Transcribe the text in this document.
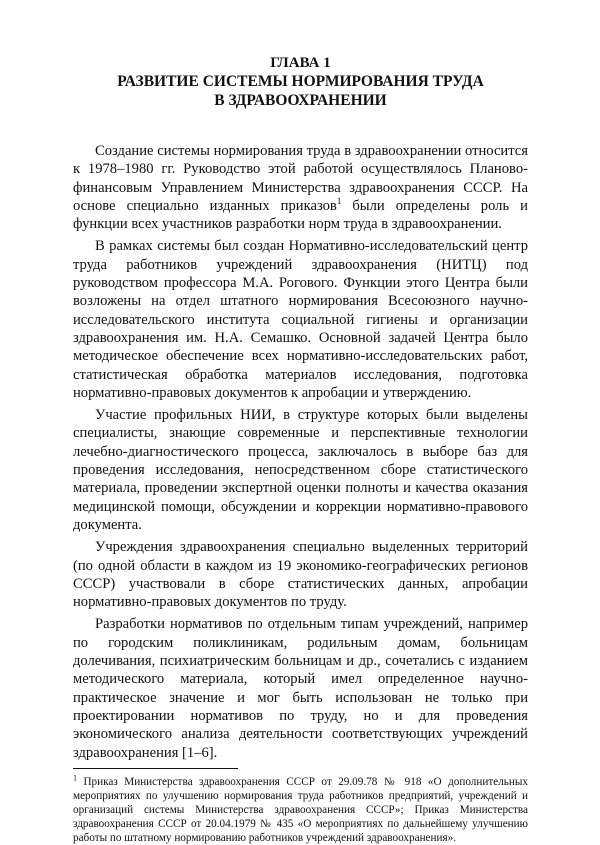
ГЛАВА 1
РАЗВИТИЕ СИСТЕМЫ НОРМИРОВАНИЯ ТРУДА
В ЗДРАВООХРАНЕНИИ

Создание системы нормирования труда в здравоохранении относится к 1978–1980 гг. Руководство этой работой осуществлялось Планово-финансовым Управлением Министерства здравоохранения СССР. На основе специально изданных приказов$^1$ были определены роль и функции всех участников разработки норм труда в здравоохранении.

В рамках системы был создан Нормативно-исследовательский центр труда работников учреждений здравоохранения (НИТЦ) под руководством профессора М.А. Рогового. Функции этого Центра были возложены на отдел штатного нормирования Всесоюзного научно-исследовательского института социальной гигиены и организации здравоохранения им. Н.А. Семашко. Основной задачей Центра было методическое обеспечение всех нормативно-исследовательских работ, статистическая обработка материалов исследования, подготовка нормативно-правовых документов к апробации и утверждению.

Участие профильных НИИ, в структуре которых были выделены специалисты, знающие современные и перспективные технологии лечебно-диагностического процесса, заключалось в выборе баз для проведения исследования, непосредственном сборе статистического материала, проведении экспертной оценки полноты и качества оказания медицинской помощи, обсуждении и коррекции нормативно-правового документа.

Учреждения здравоохранения специально выделенных территорий (по одной области в каждом из 19 экономико-географических регионов СССР) участвовали в сборе статистических данных, апробации нормативно-правовых документов по труду.

Разработки нормативов по отдельным типам учреждений, например по городским поликлиникам, родильным домам, больницам долечивания, психиатрическим больницам и др., сочетались с изданием методического материала, который имел определенное научно-практическое значение и мог быть использован не только при проектировании нормативов по труду, но и для проведения экономического анализа деятельности соответствующих учреждений здравоохранения [1–6].

$^1$ Приказ Министерства здравоохранения СССР от 29.09.78 № 918 «О дополнительных мероприятиях по улучшению нормирования труда работников предприятий, учреждений и организаций системы Министерства здравоохранения СССР»; Приказ Министерства здравоохранения СССР от 20.04.1979 № 435 «О мероприятиях по дальнейшему улучшению работы по штатному нормированию работников учреждений здравоохранения».
